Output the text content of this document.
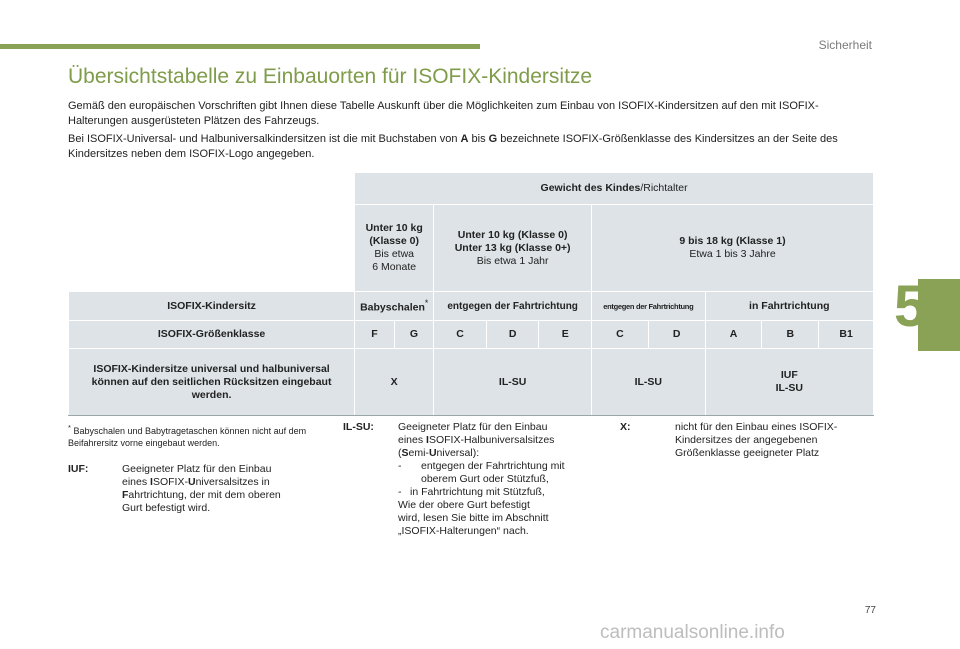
Sicherheit
5
Übersichtstabelle zu Einbauorten für ISOFIX-Kindersitze

Gemäß den europäischen Vorschriften gibt Ihnen diese Tabelle Auskunft über die Möglichkeiten zum Einbau von ISOFIX-Kindersitzen auf den mit ISOFIX-Halterungen ausgerüsteten Plätzen des Fahrzeugs.

Bei ISOFIX-Universal- und Halbuniversalkindersitzen ist die mit Buchstaben von A bis G bezeichnete ISOFIX-Größenklasse des Kindersitzes an der Seite des Kindersitzes neben dem ISOFIX-Logo angegeben.

	Gewicht des Kindes/Richtalter									
	Unter 10 kg
(Klasse 0)
Bis etwa
6 Monate		Unter 10 kg (Klasse 0)
Unter 13 kg (Klasse 0+)
Bis etwa 1 Jahr			9 bis 18 kg (Klasse 1)
Etwa 1 bis 3 Jahre				
ISOFIX-Kindersitz	Babyschalen*		entgegen der Fahrtrichtung			entgegen der Fahrtrichtung		in Fahrtrichtung		
ISOFIX-Größenklasse	F	G	C	D	E	C	D	A	B	B1
ISOFIX-Kindersitze universal und halbuniversal können auf den seitlichen Rücksitzen eingebaut werden.	X		IL-SU			IL-SU		IUF
IL-SU		
* Babyschalen und Babytragetaschen können nicht auf dem Beifahrersitz vorne eingebaut werden.
IUF:	Geeigneter Platz für den Einbau
eines ISOFIX-Universalsitzes in
Fahrtrichtung, der mit dem oberen
Gurt befestigt wird.
IL-SU: Geeigneter Platz für den Einbau
eines ISOFIX-Halbuniversalsitzes
(Semi-Universal):
-	entgegen der Fahrtrichtung mit oberem Gurt oder Stützfuß,
- in Fahrtrichtung mit Stützfuß,
Wie der obere Gurt befestigt
wird, lesen Sie bitte im Abschnitt
„ISOFIX-Halterungen“ nach.
X:	nicht für den Einbau eines ISOFIX-
Kindersitzes der angegebenen
Größenklasse geeigneter Platz
77
carmanualsonline.info
